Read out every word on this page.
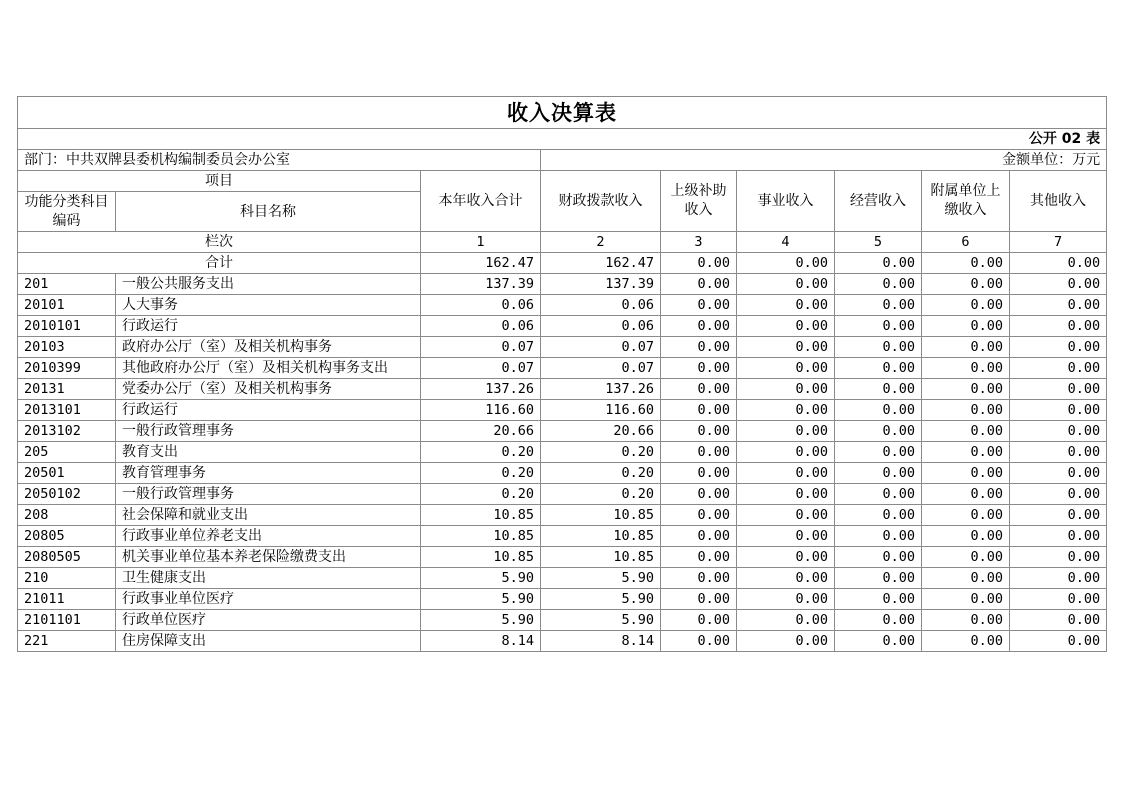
收入决算表								
公开 02 表								
部门：中共双牌县委机构编制委员会办公室			金额单位：万元					
项目		本年收入合计	财政拨款收入	上级补助收入	事业收入	经营收入	附属单位上缴收入	其他收入
功能分类科目编码	科目名称							
栏次		1	2	3	4	5	6	7
合计		162.47	162.47	0.00	0.00	0.00	0.00	0.00
201	一般公共服务支出	137.39	137.39	0.00	0.00	0.00	0.00	0.00
20101	人大事务	0.06	0.06	0.00	0.00	0.00	0.00	0.00
2010101	行政运行	0.06	0.06	0.00	0.00	0.00	0.00	0.00
20103	政府办公厅（室）及相关机构事务	0.07	0.07	0.00	0.00	0.00	0.00	0.00
2010399	其他政府办公厅（室）及相关机构事务支出	0.07	0.07	0.00	0.00	0.00	0.00	0.00
20131	党委办公厅（室）及相关机构事务	137.26	137.26	0.00	0.00	0.00	0.00	0.00
2013101	行政运行	116.60	116.60	0.00	0.00	0.00	0.00	0.00
2013102	一般行政管理事务	20.66	20.66	0.00	0.00	0.00	0.00	0.00
205	教育支出	0.20	0.20	0.00	0.00	0.00	0.00	0.00
20501	教育管理事务	0.20	0.20	0.00	0.00	0.00	0.00	0.00
2050102	一般行政管理事务	0.20	0.20	0.00	0.00	0.00	0.00	0.00
208	社会保障和就业支出	10.85	10.85	0.00	0.00	0.00	0.00	0.00
20805	行政事业单位养老支出	10.85	10.85	0.00	0.00	0.00	0.00	0.00
2080505	机关事业单位基本养老保险缴费支出	10.85	10.85	0.00	0.00	0.00	0.00	0.00
210	卫生健康支出	5.90	5.90	0.00	0.00	0.00	0.00	0.00
21011	行政事业单位医疗	5.90	5.90	0.00	0.00	0.00	0.00	0.00
2101101	行政单位医疗	5.90	5.90	0.00	0.00	0.00	0.00	0.00
221	住房保障支出	8.14	8.14	0.00	0.00	0.00	0.00	0.00
